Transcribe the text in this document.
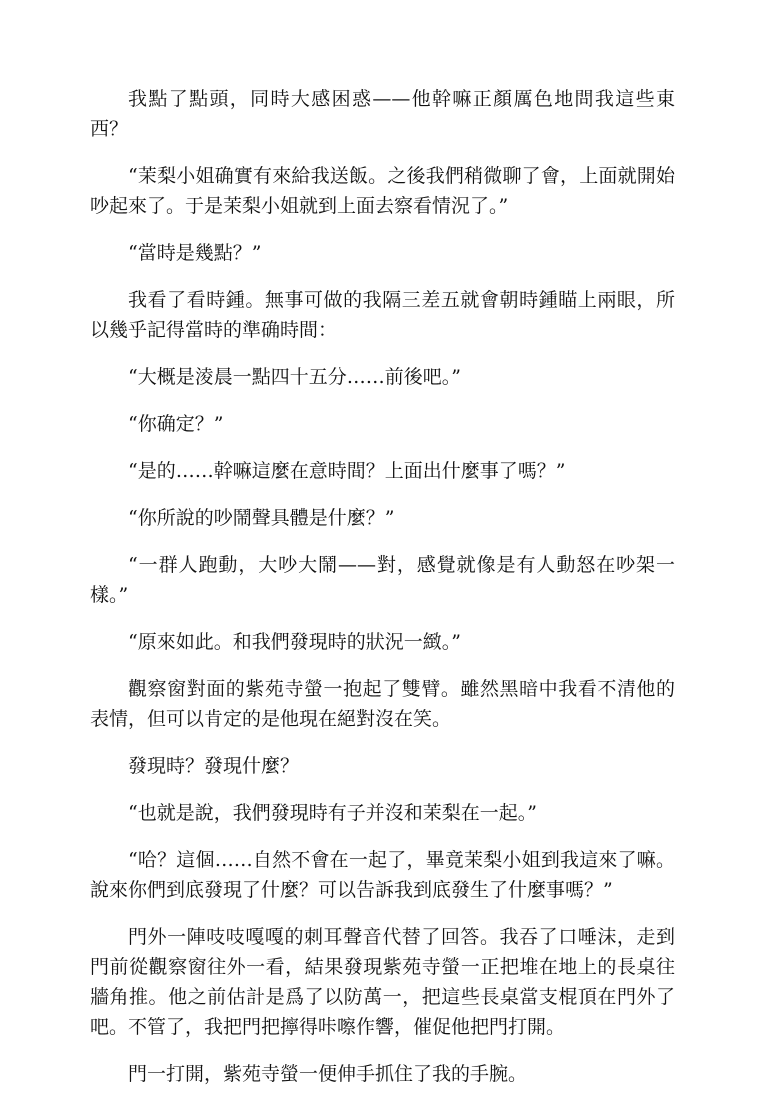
我點了點頭，同時大感困惑——他幹嘛正顏厲色地問我這些東西？

“茉梨小姐确實有來給我送飯。之後我們稍微聊了會，上面就開始吵起來了。于是茉梨小姐就到上面去察看情況了。”

“當時是幾點？”

我看了看時鍾。無事可做的我隔三差五就會朝時鍾瞄上兩眼，所以幾乎記得當時的準确時間：

“大概是淩晨一點四十五分……前後吧。”

“你确定？”

“是的……幹嘛這麼在意時間？上面出什麼事了嗎？”

“你所說的吵鬧聲具體是什麼？”

“一群人跑動，大吵大鬧——對，感覺就像是有人動怒在吵架一樣。”

“原來如此。和我們發現時的狀況一緻。”

觀察窗對面的紫苑寺螢一抱起了雙臂。雖然黑暗中我看不清他的表情，但可以肯定的是他現在絕對沒在笑。

發現時？發現什麼？

“也就是說，我們發現時有子并沒和茉梨在一起。”

“哈？這個……自然不會在一起了，畢竟茉梨小姐到我這來了嘛。說來你們到底發現了什麼？可以告訴我到底發生了什麼事嗎？”

門外一陣吱吱嘎嘎的刺耳聲音代替了回答。我吞了口唾沫，走到門前從觀察窗往外一看，結果發現紫苑寺螢一正把堆在地上的長桌往牆角推。他之前估計是爲了以防萬一，把這些長桌當支棍頂在門外了吧。不管了，我把門把擰得咔嚓作響，催促他把門打開。

門一打開，紫苑寺螢一便伸手抓住了我的手腕。
